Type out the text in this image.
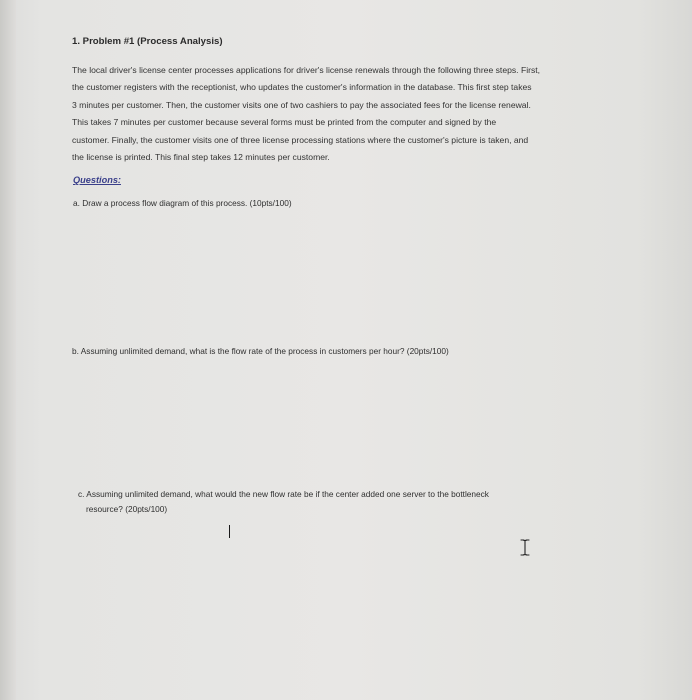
1. Problem #1 (Process Analysis)

The local driver's license center processes applications for driver's license renewals through the following three steps. First,
the customer registers with the receptionist, who updates the customer's information in the database. This first step takes
3 minutes per customer. Then, the customer visits one of two cashiers to pay the associated fees for the license renewal.
This takes 7 minutes per customer because several forms must be printed from the computer and signed by the
customer. Finally, the customer visits one of three license processing stations where the customer's picture is taken, and
the license is printed. This final step takes 12 minutes per customer.

Questions:

a. Draw a process flow diagram of this process. (10pts/100)

b. Assuming unlimited demand, what is the flow rate of the process in customers per hour? (20pts/100)

c. Assuming unlimited demand, what would the new flow rate be if the center added one server to the bottleneck
resource? (20pts/100)
